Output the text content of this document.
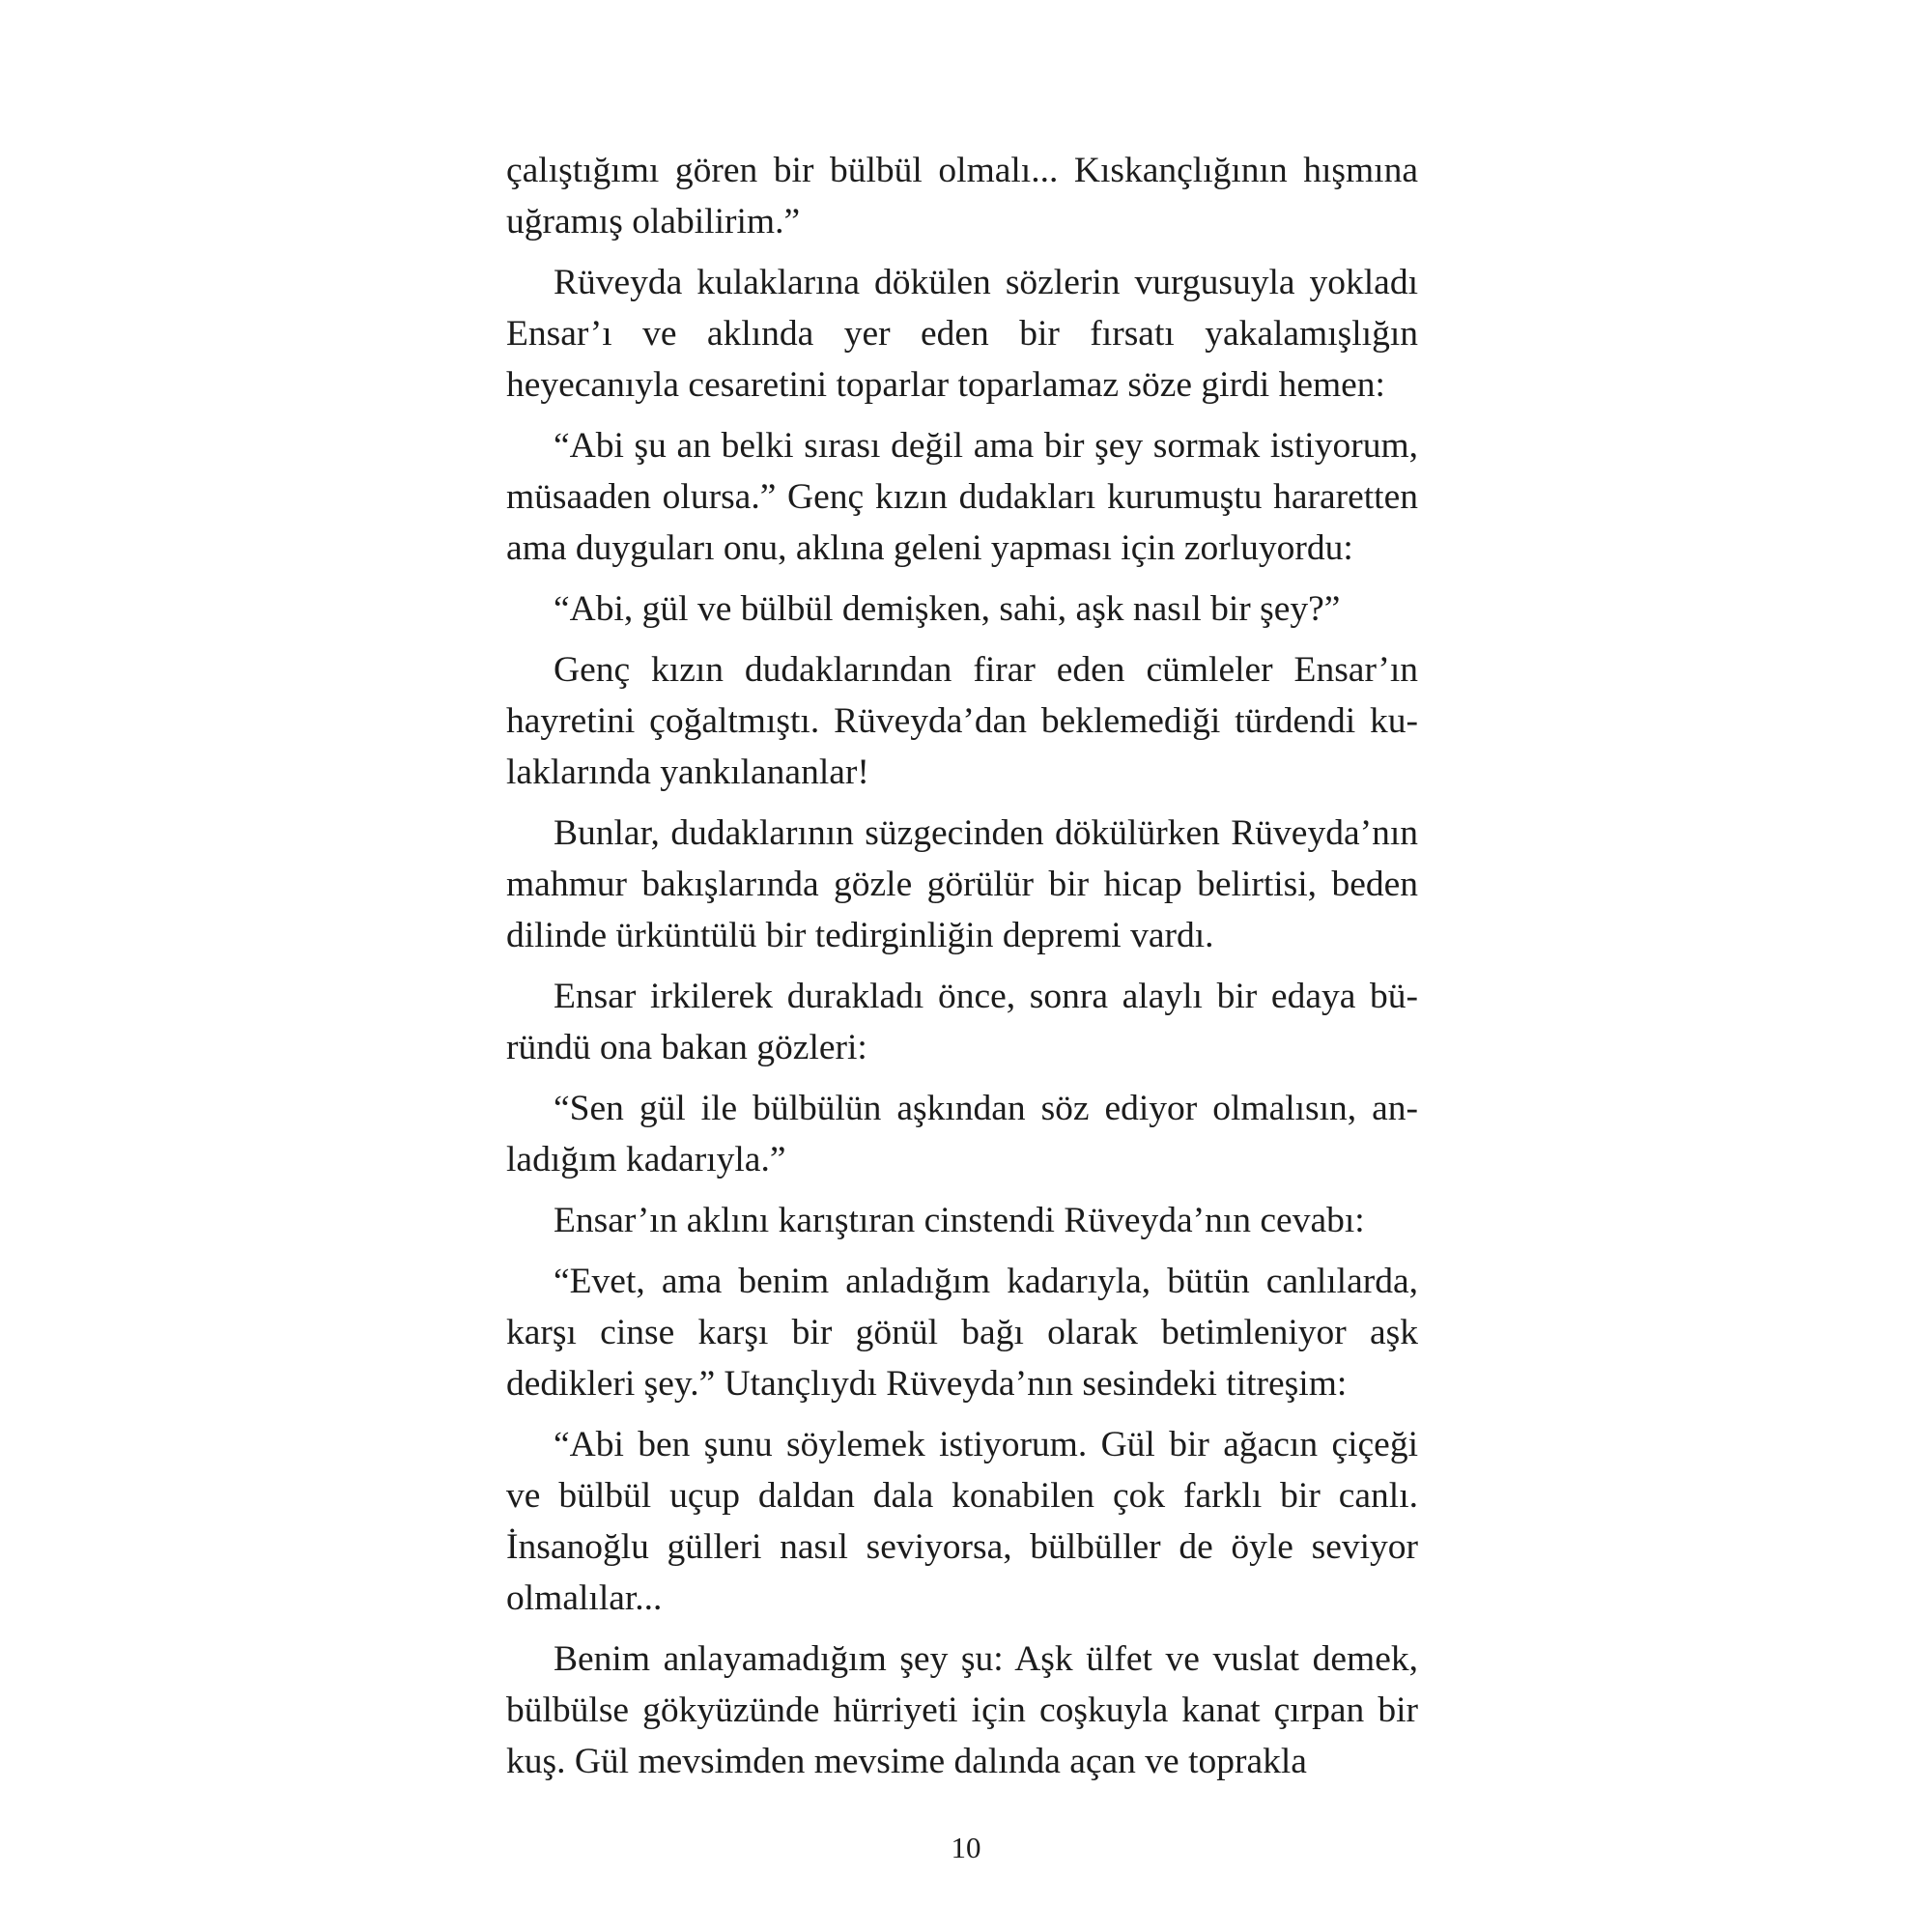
çalıştığımı gören bir bülbül olmalı... Kıskançlığının hışmına uğramış olabilirim.”

Rüveyda kulaklarına dökülen sözlerin vurgusuyla yokladı Ensar’ı ve aklında yer eden bir fırsatı yakalamışlığın heyecanıyla cesaretini toparlar toparlamaz söze girdi hemen:

“Abi şu an belki sırası değil ama bir şey sormak istiyorum, müsaaden olursa.” Genç kızın dudakları kurumuştu hararetten ama duyguları onu, aklına geleni yapması için zorluyordu:

“Abi, gül ve bülbül demişken, sahi, aşk nasıl bir şey?”

Genç kızın dudaklarından firar eden cümleler Ensar’ın hayretini çoğaltmıştı. Rüveyda’dan beklemediği türdendi ku-laklarında yankılananlar!

Bunlar, dudaklarının süzgecinden dökülürken Rüveyda’nın mahmur bakışlarında gözle görülür bir hicap belirtisi, beden dilinde ürküntülü bir tedirginliğin depremi vardı.

Ensar irkilerek durakladı önce, sonra alaylı bir edaya bü-ründü ona bakan gözleri:

“Sen gül ile bülbülün aşkından söz ediyor olmalısın, an-ladığım kadarıyla.”

Ensar’ın aklını karıştıran cinstendi Rüveyda’nın cevabı:

“Evet, ama benim anladığım kadarıyla, bütün canlılarda, karşı cinse karşı bir gönül bağı olarak betimleniyor aşk dedikleri şey.” Utançlıydı Rüveyda’nın sesindeki titreşim:

“Abi ben şunu söylemek istiyorum. Gül bir ağacın çiçeği ve bülbül uçup daldan dala konabilen çok farklı bir canlı. İnsanoğlu gülleri nasıl seviyorsa, bülbüller de öyle seviyor olmalılar...

Benim anlayamadığım şey şu: Aşk ülfet ve vuslat demek, bülbülse gökyüzünde hürriyeti için coşkuyla kanat çırpan bir kuş. Gül mevsimden mevsime dalında açan ve toprakla

10
